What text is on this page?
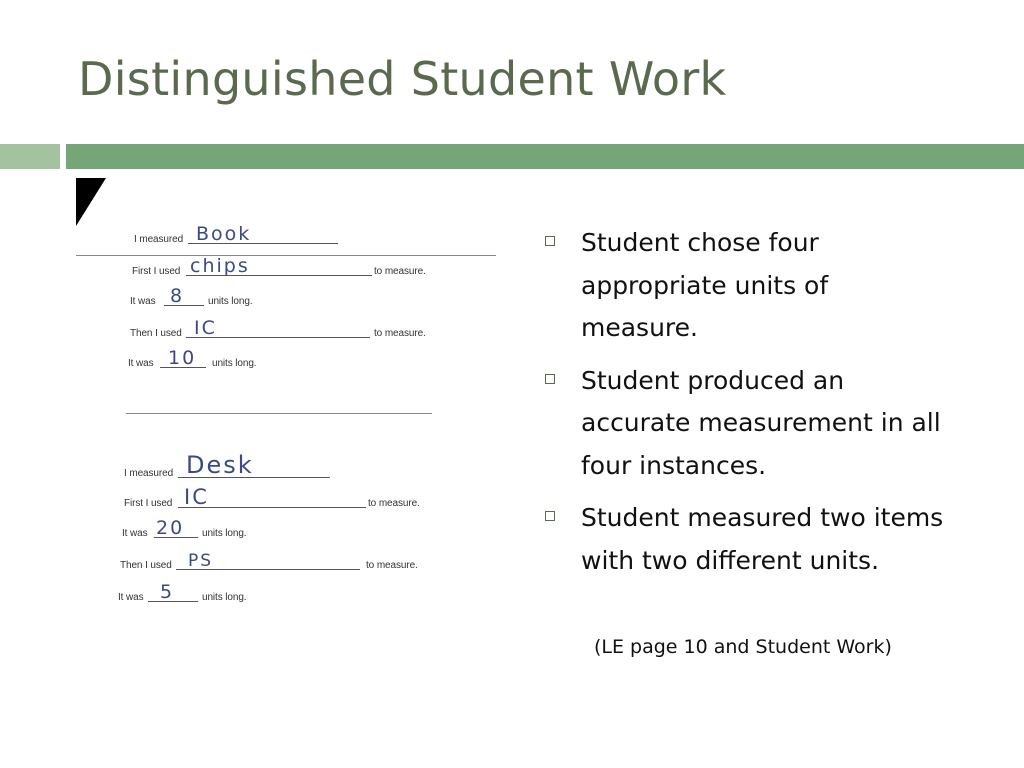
Distinguished Student Work
I measured Book
First I used chips	to measure.
It was 8 units long.
Then I used IC	to measure.
It was 10 units long.
I measured Desk
First I used IC	to measure.
It was 20 units long.
Then I used PS	to measure.
It was 5	units long.
Student chose four appropriate units of measure.
Student produced an accurate measurement in all four instances.
Student measured two items with two different units.
(LE page 10 and Student Work)
